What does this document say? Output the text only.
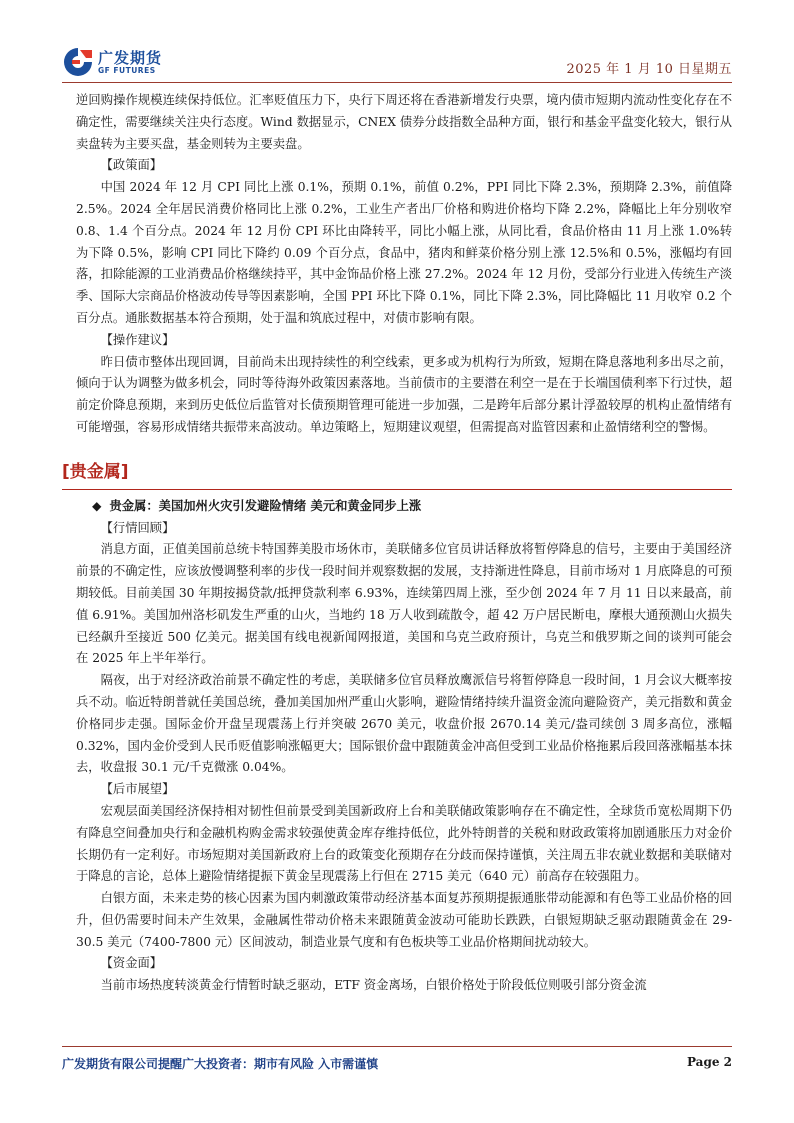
广发期货
GF FUTURES	2025 年 1 月 10 日星期五

逆回购操作规模连续保持低位。汇率贬值压力下，央行下周还将在香港新增发行央票，境内债市短期内流动性变化存在不确定性，需要继续关注央行态度。Wind 数据显示，CNEX 债券分歧指数全品种方面，银行和基金平盘变化较大，银行从卖盘转为主要买盘，基金则转为主要卖盘。

【政策面】

中国 2024 年 12 月 CPI 同比上涨 0.1%，预期 0.1%，前值 0.2%，PPI 同比下降 2.3%，预期降 2.3%，前值降 2.5%。2024 全年居民消费价格同比上涨 0.2%，工业生产者出厂价格和购进价格均下降 2.2%，降幅比上年分别收窄 0.8、1.4 个百分点。2024 年 12 月份 CPI 环比由降转平，同比小幅上涨，从同比看，食品价格由 11 月上涨 1.0%转为下降 0.5%，影响 CPI 同比下降约 0.09 个百分点，食品中，猪肉和鲜菜价格分别上涨 12.5%和 0.5%，涨幅均有回落，扣除能源的工业消费品价格继续持平，其中金饰品价格上涨 27.2%。2024 年 12 月份，受部分行业进入传统生产淡季、国际大宗商品价格波动传导等因素影响，全国 PPI 环比下降 0.1%，同比下降 2.3%，同比降幅比 11 月收窄 0.2 个百分点。通胀数据基本符合预期，处于温和筑底过程中，对债市影响有限。

【操作建议】

昨日债市整体出现回调，目前尚未出现持续性的利空线索，更多或为机构行为所致，短期在降息落地利多出尽之前，倾向于认为调整为做多机会，同时等待海外政策因素落地。当前债市的主要潜在利空一是在于长端国债利率下行过快，超前定价降息预期，来到历史低位后监管对长债预期管理可能进一步加强，二是跨年后部分累计浮盈较厚的机构止盈情绪有可能增强，容易形成情绪共振带来高波动。单边策略上，短期建议观望，但需提高对监管因素和止盈情绪利空的警惕。

[贵金属]
◆ 贵金属：美国加州火灾引发避险情绪 美元和黄金同步上涨
【行情回顾】

消息方面，正值美国前总统卡特国葬美股市场休市，美联储多位官员讲话释放将暂停降息的信号，主要由于美国经济前景的不确定性，应该放慢调整利率的步伐一段时间并观察数据的发展，支持渐进性降息，目前市场对 1 月底降息的可预期较低。目前美国 30 年期按揭贷款/抵押贷款利率 6.93%，连续第四周上涨，至少创 2024 年 7 月 11 日以来最高，前值 6.91%。美国加州洛杉矶发生严重的山火，当地约 18 万人收到疏散令，超 42 万户居民断电，摩根大通预测山火损失已经飙升至接近 500 亿美元。据美国有线电视新闻网报道，美国和乌克兰政府预计，乌克兰和俄罗斯之间的谈判可能会在 2025 年上半年举行。

隔夜，出于对经济政治前景不确定性的考虑，美联储多位官员释放鹰派信号将暂停降息一段时间，1 月会议大概率按兵不动。临近特朗普就任美国总统，叠加美国加州严重山火影响，避险情绪持续升温资金流向避险资产，美元指数和黄金价格同步走强。国际金价开盘呈现震荡上行并突破 2670 美元，收盘价报 2670.14 美元/盎司续创 3 周多高位，涨幅 0.32%，国内金价受到人民币贬值影响涨幅更大；国际银价盘中跟随黄金冲高但受到工业品价格拖累后段回落涨幅基本抹去，收盘报 30.1 元/千克微涨 0.04%。

【后市展望】

宏观层面美国经济保持相对韧性但前景受到美国新政府上台和美联储政策影响存在不确定性，全球货币宽松周期下仍有降息空间叠加央行和金融机构购金需求较强使黄金库存维持低位，此外特朗普的关税和财政政策将加剧通胀压力对金价长期仍有一定利好。市场短期对美国新政府上台的政策变化预期存在分歧而保持谨慎，关注周五非农就业数据和美联储对于降息的言论，总体上避险情绪提振下黄金呈现震荡上行但在 2715 美元（640 元）前高存在较强阻力。

白银方面，未来走势的核心因素为国内刺激政策带动经济基本面复苏预期提振通胀带动能源和有色等工业品价格的回升，但仍需要时间未产生效果，金融属性带动价格未来跟随黄金波动可能助长跌跌，白银短期缺乏驱动跟随黄金在 29-30.5 美元（7400-7800 元）区间波动，制造业景气度和有色板块等工业品价格期间扰动较大。

【资金面】

当前市场热度转淡黄金行情暂时缺乏驱动，ETF 资金离场，白银价格处于阶段低位则吸引部分资金流

广发期货有限公司提醒广大投资者：期市有风险 入市需谨慎	Page 2
